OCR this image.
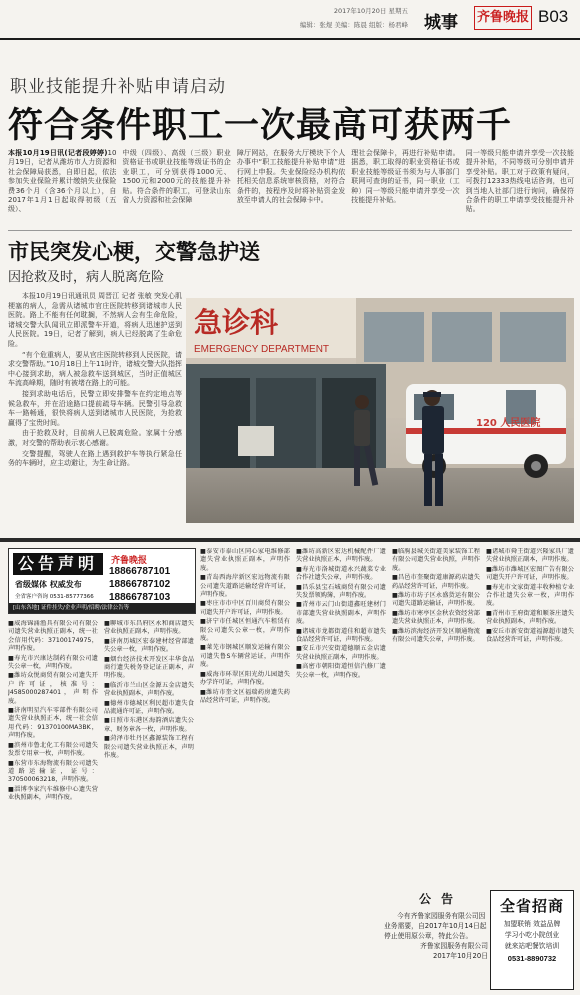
2017年10月20日 星期五
编辑：张煜 美编：陈晨 组版：杨君峰 城事 齐鲁晚报 B03
职业技能提升补贴申请启动
符合条件职工一次最高可获两千
本报10月19日讯(记者段婷婷)10月19日，记者从潍坊市人力资源和社会保障局获悉，自即日起，依法参加失业保险并累计缴纳失业保险费36个月（含36个月以上），自2017年1月1日起取得初级（五级）、
中级（四级）、高级（三级）职业资格证书或职业技能等级证书的企业职工，可分别获得1000元、1500元和2000元的技能提升补贴。符合条件的职工，可登录山东省人力资源和社会保障
障厅网站，在服务大厅模块下个人办事中“职工技能提升补贴申请”进行网上申报。失业保险经办机构依托相关信息系统审核资格，对符合条件的，按程序及时将补贴资金发放至申请人的社会保障卡中。
理社会保障卡，再进行补贴申请。据悉，职工取得的职业资格证书或职业技能等级证书须为与人事部门联网可查询的证书，同一职业（工种）同一等级只能申请并享受一次技能提升补贴。
同一等级只能申请并享受一次技能提升补贴，不同等级可分别申请并享受补贴。职工对于政策有疑问，可拨打12333热线电话咨询，也可到当地人社部门进行询问，确保符合条件的职工申请享受技能提升补贴。
市民突发心梗，交警急护送
因抢救及时，病人脱离危险

本报10月19日讯通讯员 周晋江 记者 张敏 突发心肌梗塞的病人，急需从诸城市官庄医院转移到诸城市人民医院。路上不能有任何耽搁，不然病人会有生命危险，诸城交警大队闻讯立即派警车开道，将病人迅速护送到人民医院。19日，记者了解到，病人已经脱离了生命危险。

“有个危重病人，要从官庄医院转移到人民医院，请求交警帮助。”10月18日上午11时许，诸城交警大队指挥中心接到求助，病人被急救车送到城区，当时正值城区车流高峰期，随时有被堵在路上的可能。

接到求助电话后，民警立即安排警车在约定地点等候急救车，并在沿途路口提前疏导车辆。民警引导急救车一路畅通，很快将病人送到诸城市人民医院，为抢救赢得了宝贵时间。

由于抢救及时，目前病人已脱离危险。家属十分感激，对交警的帮助表示衷心感谢。

交警提醒，驾驶人在路上遇到救护车等执行紧急任务的车辆时，应主动避让，为生命让路。

急诊科
EMERGENCY DEPARTMENT
120 人民医院
公告声明	齐鲁晚报
18866787101
18866787102
18866787103
省级媒体 权威发布
全省客户咨询 0531-85777366
[山东各地] 证件挂失/企业声明/招聘/法律公告等
■威海锦涌渔具有限公司有限公司遗失营业执照正副本，统一社会信用代码：37100174975，声明作废。
■寿光市兴康达制药有限公司遗失公章一枚，声明作废。
■潍坊众悦商贸有限公司遗失开户许可证，核准号：J4585000287401，声明作废。
■济南明星汽车零部件有限公司遗失营业执照正本，统一社会信用代码：91370100MA3BK，声明作废。
■滨州市鲁北化工有限公司遗失发票专用章一枚，声明作废。
■东营市东海物流有限公司遗失道路运输证，证号：370500063218，声明作废。
■淄博李家汽车维修中心遗失营业执照副本，声明作废。
■聊城市东昌府区永和商店遗失营业执照正副本，声明作废。
■济南历城区宏泰建材经营部遗失公章一枚，声明作废。
■烟台经济技术开发区丰华食品商行遗失税务登记证正副本，声明作废。
■临沂市兰山区金源五金店遗失营业执照副本，声明作废。
■德州市德城区利民超市遗失食品流通许可证，声明作废。
■日照市东港区海韵酒店遗失公章、财务章各一枚，声明作废。
■菏泽市牡丹区鑫源装饰工程有限公司遗失营业执照正本，声明作废。
■泰安市泰山区同心家电维修部遗失营业执照正副本，声明作废。
■青岛西海岸新区宏远物流有限公司遗失道路运输经营许可证，声明作废。
■枣庄市市中区百川商贸有限公司遗失开户许可证，声明作废。
■济宁市任城区恒通汽车租赁有限公司遗失公章一枚，声明作废。
■莱芜市钢城区顺发运输有限公司遗失鲁S车辆营运证，声明作废。
■威海市环翠区阳光幼儿园遗失办学许可证，声明作废。
■潍坊市奎文区福瑞药房遗失药品经营许可证，声明作废。
■潍坊高新区宏达机械配件厂遗失营业执照正本，声明作废。
■寿光市洛城街道永兴蔬菜专业合作社遗失公章，声明作废。
■昌乐县宝石城商贸有限公司遗失发票领购簿，声明作废。
■青州市云门山街道鑫旺建材门市部遗失营业执照副本，声明作废。
■诸城市龙都街道佳和超市遗失食品经营许可证，声明作废。
■安丘市兴安街道德顺五金店遗失营业执照正副本，声明作废。
■高密市朝阳街道恒信汽修厂遗失公章一枚，声明作废。
■临朐县城关街道美家装饰工程有限公司遗失营业执照，声明作废。
■昌邑市奎聚街道康源药店遗失药品经营许可证，声明作废。
■潍坊市坊子区永盛货运有限公司遗失道路运输证，声明作废。
■潍坊市寒亭区金秋农资经营部遗失营业执照正本，声明作废。
■潍坊滨海经济开发区顺通物流有限公司遗失公章，声明作废。
■诸城市舜王街道兴隆家具厂遗失营业执照正副本，声明作废。
■潍坊市潍城区宏图广告有限公司遗失开户许可证，声明作废。
■寿光市文家街道丰收种植专业合作社遗失公章一枚，声明作废。
■青州市王府街道和顺茶庄遗失营业执照副本，声明作废。
■安丘市新安街道福源超市遗失食品经营许可证，声明作废。
公告
今有齐鲁家园服务有限公司因业务需要，自2017年10月14日起停止使用原公章，特此公告。
齐鲁家园服务有限公司
2017年10月20日
全省招商
加盟联销 效益品牌
学习小吃小院创业
就来站吧餐饮培训
0531-8890732
